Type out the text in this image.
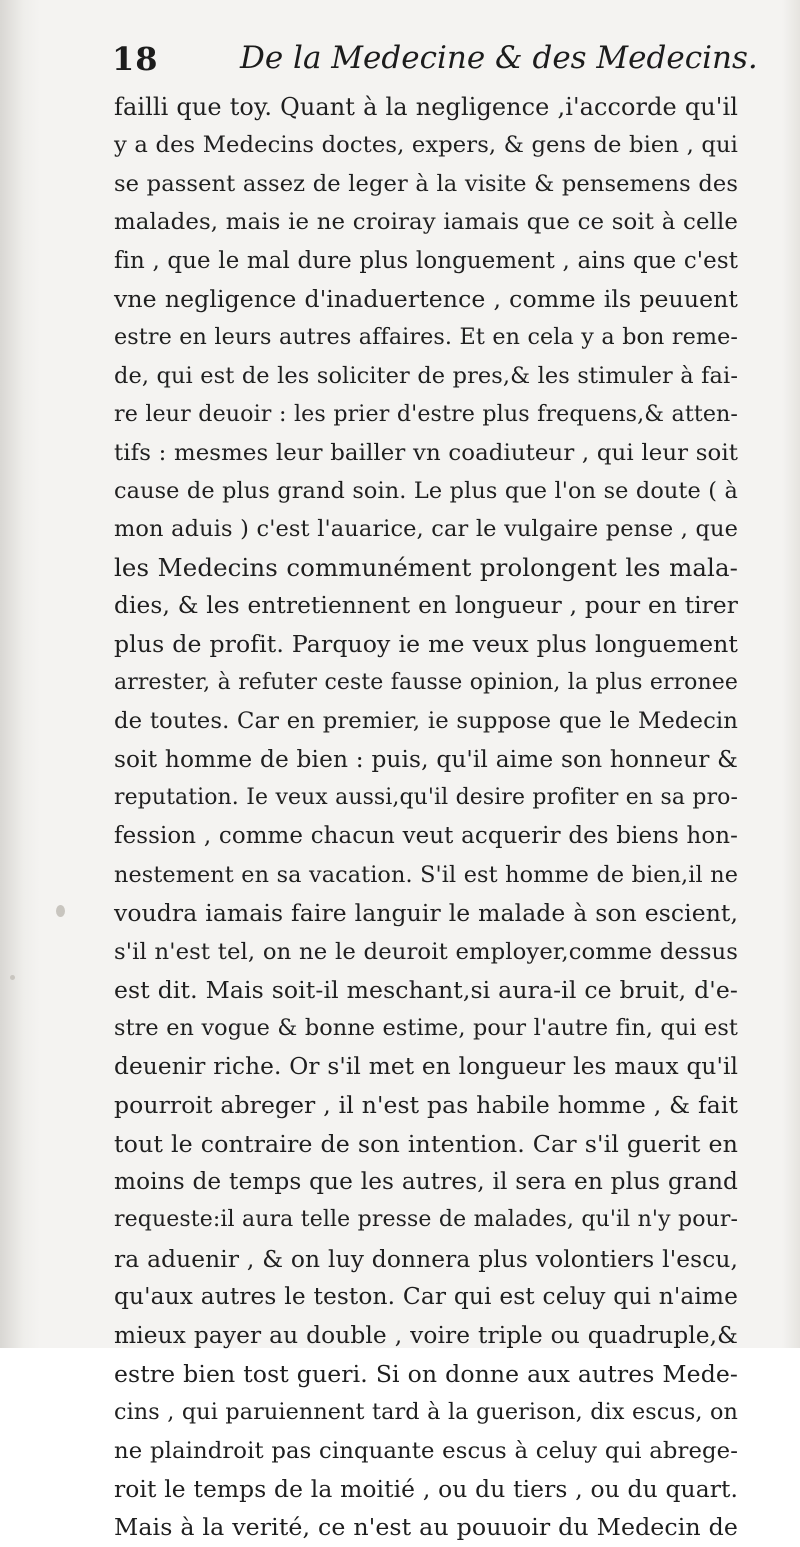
18	De la Medecine & des Medecins.
failli que toy. Quant à la negligence ,i'accorde qu'il
y a des Medecins doctes, expers, & gens de bien , qui
se passent assez de leger à la visite & pensemens des
malades, mais ie ne croiray iamais que ce soit à celle
fin , que le mal dure plus longuement , ains que c'est
vne negligence d'inaduertence , comme ils peuuent
estre en leurs autres affaires. Et en cela y a bon reme-
de, qui est de les soliciter de pres,& les stimuler à fai-
re leur deuoir : les prier d'estre plus frequens,& atten-
tifs : mesmes leur bailler vn coadiuteur , qui leur soit
cause de plus grand soin. Le plus que l'on se doute ( à
mon aduis ) c'est l'auarice, car le vulgaire pense , que
les Medecins communément prolongent les mala-
dies, & les entretiennent en longueur , pour en tirer
plus de profit. Parquoy ie me veux plus longuement
arrester, à refuter ceste fausse opinion, la plus erronee
de toutes. Car en premier, ie suppose que le Medecin
soit homme de bien : puis, qu'il aime son honneur &
reputation. Ie veux aussi,qu'il desire profiter en sa pro-
fession , comme chacun veut acquerir des biens hon-
nestement en sa vacation. S'il est homme de bien,il ne
voudra iamais faire languir le malade à son escient,
s'il n'est tel, on ne le deuroit employer,comme dessus
est dit. Mais soit-il meschant,si aura-il ce bruit, d'e-
stre en vogue & bonne estime, pour l'autre fin, qui est
deuenir riche. Or s'il met en longueur les maux qu'il
pourroit abreger , il n'est pas habile homme , & fait
tout le contraire de son intention. Car s'il guerit en
moins de temps que les autres, il sera en plus grand
requeste:il aura telle presse de malades, qu'il n'y pour-
ra aduenir , & on luy donnera plus volontiers l'escu,
qu'aux autres le teston. Car qui est celuy qui n'aime
mieux payer au double , voire triple ou quadruple,&
estre bien tost gueri. Si on donne aux autres Mede-
cins , qui paruiennent tard à la guerison, dix escus, on
ne plaindroit pas cinquante escus à celuy qui abrege-
roit le temps de la moitié , ou du tiers , ou du quart.
Mais à la verité, ce n'est au pouuoir du Medecin de
